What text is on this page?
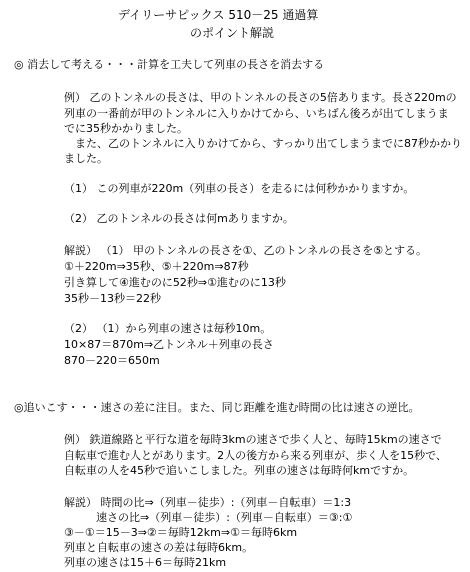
デイリーサピックス 510－25 通過算
のポイント解説
◎ 消去して考える・・・計算を工夫して列車の長さを消去する
例） 乙のトンネルの長さは、甲のトンネルの長さの5倍あります。長さ220mの
列車の一番前が甲のトンネルに入りかけてから、いちばん後ろが出てしまうま
でに35秒かかりました。
　また、乙のトンネルに入りかけてから、すっかり出てしまうまでに87秒かかり
ました。
（1） この列車が220m（列車の長さ）を走るには何秒かかりますか。
（2） 乙のトンネルの長さは何mありますか。
解説） （1） 甲のトンネルの長さを①、乙のトンネルの長さを⑤とする。
①＋220m⇒35秒、⑤＋220m⇒87秒
引き算して④進むのに52秒⇒①進むのに13秒
35秒－13秒＝22秒
（2） （1）から列車の速さは毎秒10m。
10×87＝870m⇒乙トンネル＋列車の長さ
870－220＝650m
◎追いこす・・・速さの差に注目。また、同じ距離を進む時間の比は速さの逆比。
例） 鉄道線路と平行な道を毎時3kmの速さで歩く人と、毎時15kmの速さで
自転車で進む人とがあります。2人の後方から来る列車が、歩く人を15秒で、
自転車の人を45秒で追いこしました。列車の速さは毎時何kmですか。
解説） 時間の比⇒（列車－徒歩）:（列車－自転車）＝1:3
速さの比⇒（列車－徒歩）:（列車－自転車）＝③:①
③－①＝15－3⇒②＝毎時12km⇒①＝毎時6km
列車と自転車の速さの差は毎時6km。
列車の速さは15＋6＝毎時21km
